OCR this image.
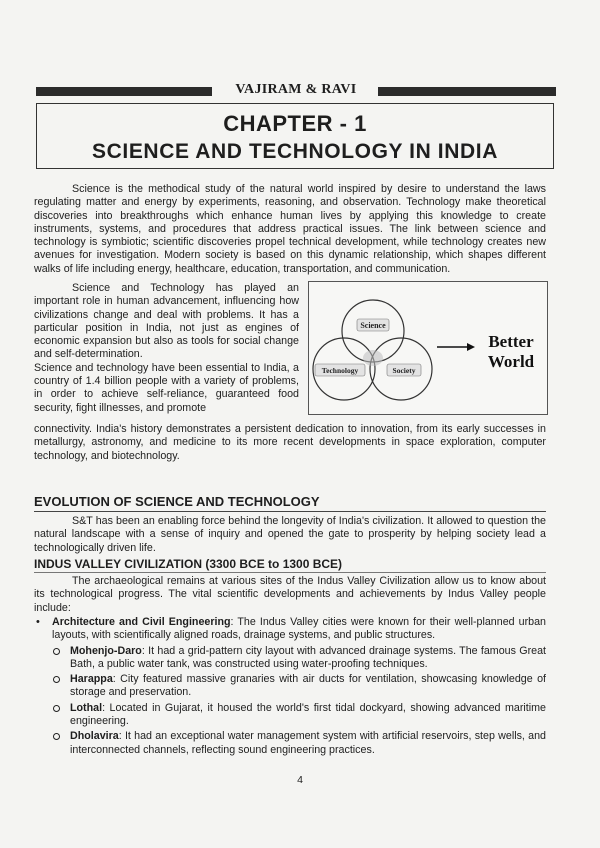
VAJIRAM & RAVI
CHAPTER - 1
SCIENCE AND TECHNOLOGY IN INDIA
Science is the methodical study of the natural world inspired by desire to understand the laws regulating matter and energy by experiments, reasoning, and observation. Technology make theoretical discoveries into breakthroughs which enhance human lives by applying this knowledge to create instruments, systems, and procedures that address practical issues. The link between science and technology is symbiotic; scientific discoveries propel technical development, while technology creates new avenues for investigation. Modern society is based on this dynamic relationship, which shapes different walks of life including energy, healthcare, education, transportation, and communication.
Science and Technology has played an important role in human advancement, influencing how civilizations change and deal with problems. It has a particular position in India, not just as engines of economic expansion but also as tools for social change and self-determination.
Science and technology have been essential to India, a country of 1.4 billion people with a variety of problems, in order to achieve self-reliance, guaranteed food security, fight illnesses, and promote
Science
Technology	Society
Better
World
connectivity. India's history demonstrates a persistent dedication to innovation, from its early successes in metallurgy, astronomy, and medicine to its more recent developments in space exploration, computer technology, and biotechnology.
EVOLUTION OF SCIENCE AND TECHNOLOGY
S&T has been an enabling force behind the longevity of India's civilization. It allowed to question the natural landscape with a sense of inquiry and opened the gate to prosperity by helping society lead a technologically driven life.
INDUS VALLEY CIVILIZATION (3300 BCE to 1300 BCE)
The archaeological remains at various sites of the Indus Valley Civilization allow us to know about its technological progress. The vital scientific developments and achievements by Indus Valley people include:
• Architecture and Civil Engineering: The Indus Valley cities were known for their well-planned urban layouts, with scientifically aligned roads, drainage systems, and public structures.
Mohenjo-Daro: It had a grid-pattern city layout with advanced drainage systems. The famous Great Bath, a public water tank, was constructed using water-proofing techniques.
Harappa: City featured massive granaries with air ducts for ventilation, showcasing knowledge of storage and preservation.
Lothal: Located in Gujarat, it housed the world's first tidal dockyard, showing advanced maritime engineering.
Dholavira: It had an exceptional water management system with artificial reservoirs, step wells, and interconnected channels, reflecting sound engineering practices.
4
